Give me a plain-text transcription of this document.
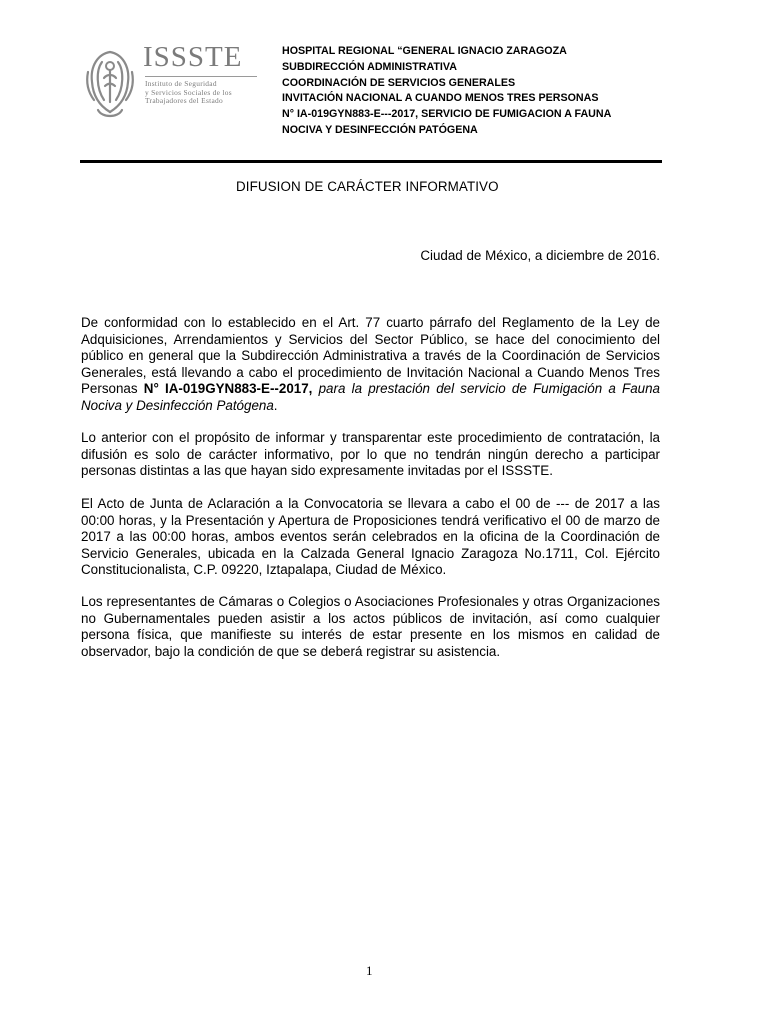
ISSSTE
Instituto de Seguridad
y Servicios Sociales de los
Trabajadores del Estado
HOSPITAL REGIONAL “GENERAL IGNACIO ZARAGOZA
SUBDIRECCIÓN ADMINISTRATIVA
COORDINACIÓN DE SERVICIOS GENERALES
INVITACIÓN NACIONAL A CUANDO MENOS TRES PERSONAS
N° IA-019GYN883-E---2017, SERVICIO DE FUMIGACION A FAUNA
NOCIVA Y DESINFECCIÓN PATÓGENA
DIFUSION DE CARÁCTER INFORMATIVO
Ciudad de México, a diciembre de 2016.

De conformidad con lo establecido en el Art. 77 cuarto párrafo del Reglamento de la Ley de Adquisiciones, Arrendamientos y Servicios del Sector Público, se hace del conocimiento del público en general que la Subdirección Administrativa a través de la Coordinación de Servicios Generales, está llevando a cabo el procedimiento de Invitación Nacional a Cuando Menos Tres Personas N° IA-019GYN883-E--2017, para la prestación del servicio de Fumigación a Fauna Nociva y Desinfección Patógena.

Lo anterior con el propósito de informar y transparentar este procedimiento de contratación, la difusión es solo de carácter informativo, por lo que no tendrán ningún derecho a participar personas distintas a las que hayan sido expresamente invitadas por el ISSSTE.

El Acto de Junta de Aclaración a la Convocatoria se llevara a cabo el 00 de --- de 2017 a las 00:00 horas, y la Presentación y Apertura de Proposiciones tendrá verificativo el 00 de marzo de 2017 a las 00:00 horas, ambos eventos serán celebrados en la oficina de la Coordinación de Servicio Generales, ubicada en la Calzada General Ignacio Zaragoza No.1711, Col. Ejército Constitucionalista, C.P. 09220, Iztapalapa, Ciudad de México.

Los representantes de Cámaras o Colegios o Asociaciones Profesionales y otras Organizaciones no Gubernamentales pueden asistir a los actos públicos de invitación, así como cualquier persona física, que manifieste su interés de estar presente en los mismos en calidad de observador, bajo la condición de que se deberá registrar su asistencia.

1
